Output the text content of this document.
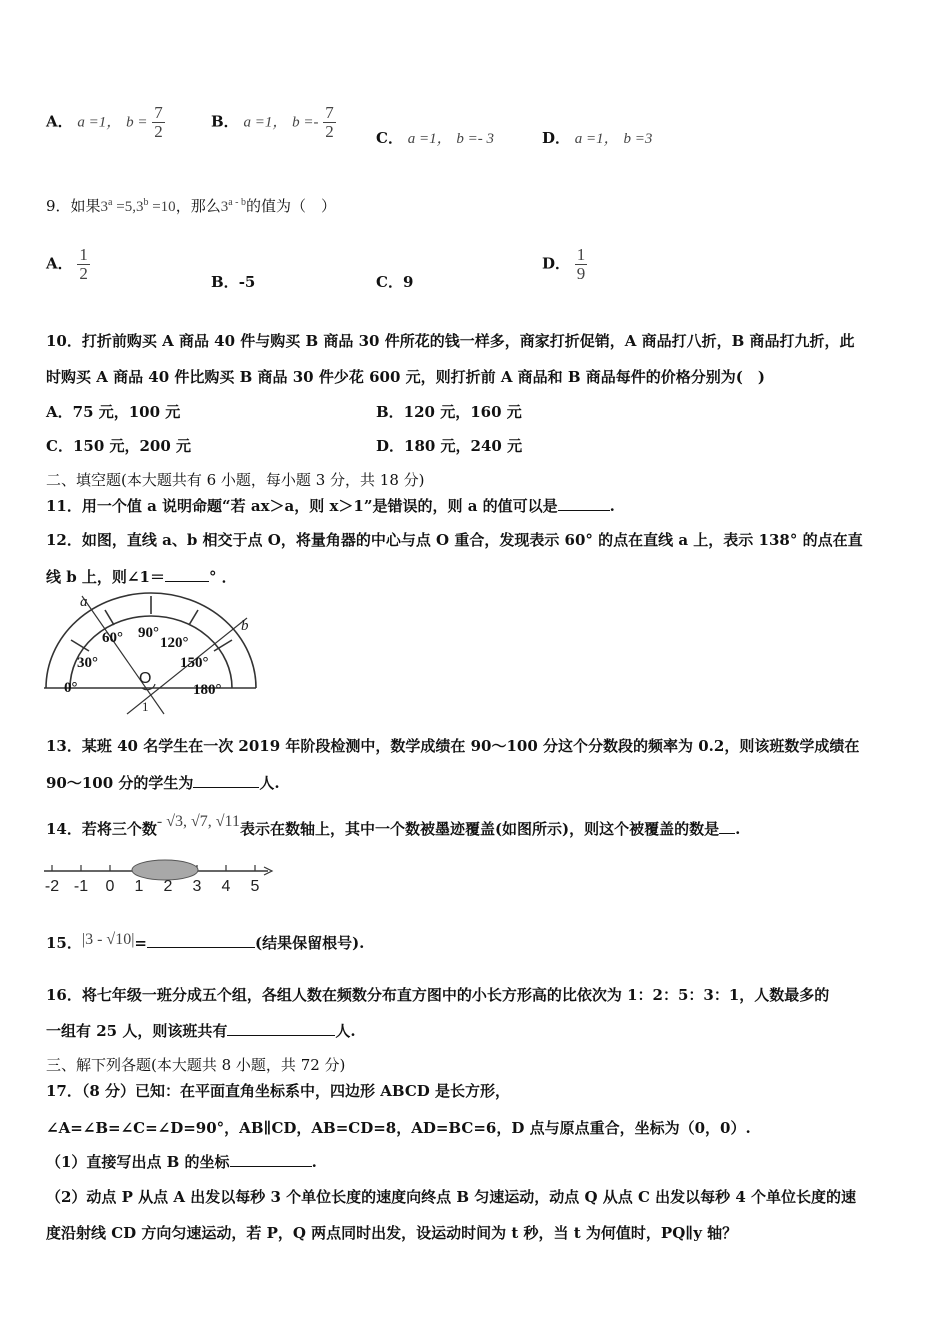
A． a =1， $b = \frac{7}{2}$	B． a =1， $b =- \frac{7}{2}$	C． a =1， b =- 3	D． a =1， b =3
9．如果$3^a =5,3^b =10$，那么3$^{a - b}$的值为（　）
A． $\frac{1}{2}$	B．-5	C．9
D． $\frac{1}{9}$
10．打折前购买 A 商品 40 件与购买 B 商品 30 件所花的钱一样多，商家打折促销，A 商品打八折，B 商品打九折，此
时购买 A 商品 40 件比购买 B 商品 30 件少花 600 元，则打折前 A 商品和 B 商品每件的价格分别为(　)
A．75 元，100 元	B．120 元，160 元
C．150 元，200 元	D．180 元，240 元
二、填空题(本大题共有 6 小题，每小题 3 分，共 18 分)
11．用一个值 a 说明命题“若 ax＞a，则 x＞1”是错误的，则 a 的值可以是	.
12．如图，直线 a、b 相交于点 O，将量角器的中心与点 O 重合，发现表示 60° 的点在直线 a 上，表示 138° 的点在直
线 b 上，则∠1＝	° ．
0°
30°
60° 90°
120°
150°
180°
a
b
O
1
13．某班 40 名学生在一次 2019 年阶段检测中，数学成绩在 90～100 分这个分数段的频率为 0.2，则该班数学成绩在
90～100 分的学生为	人.
14．若将三个数- √3, √7, √11表示在数轴上，其中一个数被墨迹覆盖(如图所示)，则这个被覆盖的数是 .
-2 -1 0 1 2 3 4 5
15．|3 - √10|=	(结果保留根号).
16．将七年级一班分成五个组，各组人数在频数分布直方图中的小长方形高的比依次为 1：2：5：3：1，人数最多的
一组有 25 人，则该班共有	人.
三、解下列各题(本大题共 8 小题，共 72 分)
17．（8 分）已知：在平面直角坐标系中，四边形 ABCD 是长方形，
∠A=∠B=∠C=∠D=90°，AB∥CD，AB=CD=8，AD=BC=6，D 点与原点重合，坐标为（0，0）.
（1）直接写出点 B 的坐标	.
（2）动点 P 从点 A 出发以每秒 3 个单位长度的速度向终点 B 匀速运动，动点 Q 从点 C 出发以每秒 4 个单位长度的速
度沿射线 CD 方向匀速运动，若 P，Q 两点同时出发，设运动时间为 t 秒，当 t 为何值时，PQ∥y 轴？
